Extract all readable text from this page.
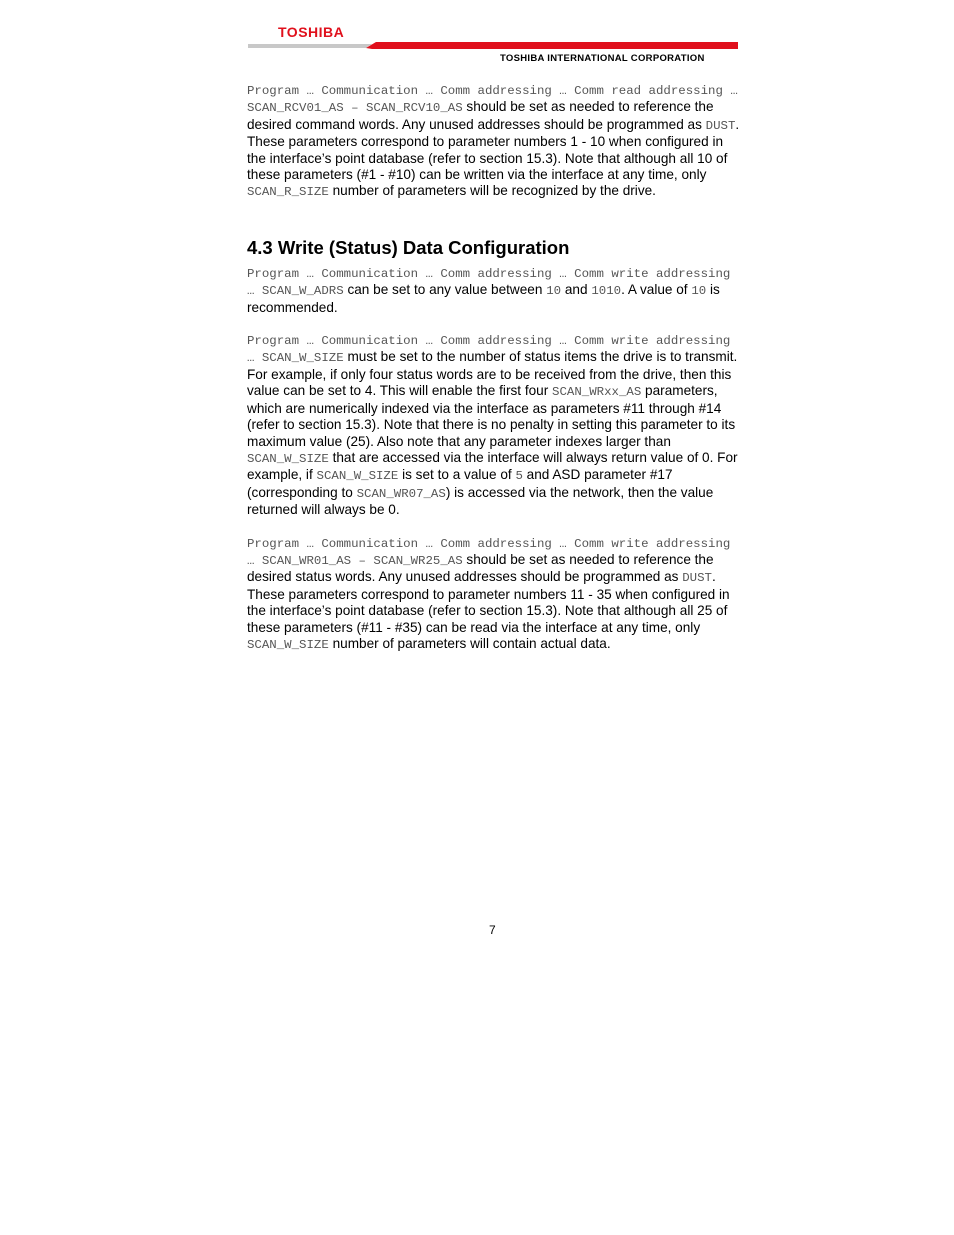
TOSHIBA
TOSHIBA INTERNATIONAL CORPORATION

Program … Communication … Comm addressing … Comm read addressing … SCAN_RCV01_AS – SCAN_RCV10_AS should be set as needed to reference the desired command words. Any unused addresses should be programmed as DUST. These parameters correspond to parameter numbers 1 - 10 when configured in the interface’s point database (refer to section 15.3). Note that although all 10 of these parameters (#1 - #10) can be written via the interface at any time, only SCAN_R_SIZE number of parameters will be recognized by the drive.

4.3 Write (Status) Data Configuration

Program … Communication … Comm addressing … Comm write addressing … SCAN_W_ADRS can be set to any value between 10 and 1010. A value of 10 is recommended.

Program … Communication … Comm addressing … Comm write addressing … SCAN_W_SIZE must be set to the number of status items the drive is to transmit. For example, if only four status words are to be received from the drive, then this value can be set to 4. This will enable the first four SCAN_WRxx_AS parameters, which are numerically indexed via the interface as parameters #11 through #14 (refer to section 15.3). Note that there is no penalty in setting this parameter to its maximum value (25). Also note that any parameter indexes larger than SCAN_W_SIZE that are accessed via the interface will always return value of 0. For example, if SCAN_W_SIZE is set to a value of 5 and ASD parameter #17 (corresponding to SCAN_WR07_AS) is accessed via the network, then the value returned will always be 0.

Program … Communication … Comm addressing … Comm write addressing … SCAN_WR01_AS – SCAN_WR25_AS should be set as needed to reference the desired status words. Any unused addresses should be programmed as DUST. These parameters correspond to parameter numbers 11 - 35 when configured in the interface’s point database (refer to section 15.3). Note that although all 25 of these parameters (#11 - #35) can be read via the interface at any time, only SCAN_W_SIZE number of parameters will contain actual data.

7
